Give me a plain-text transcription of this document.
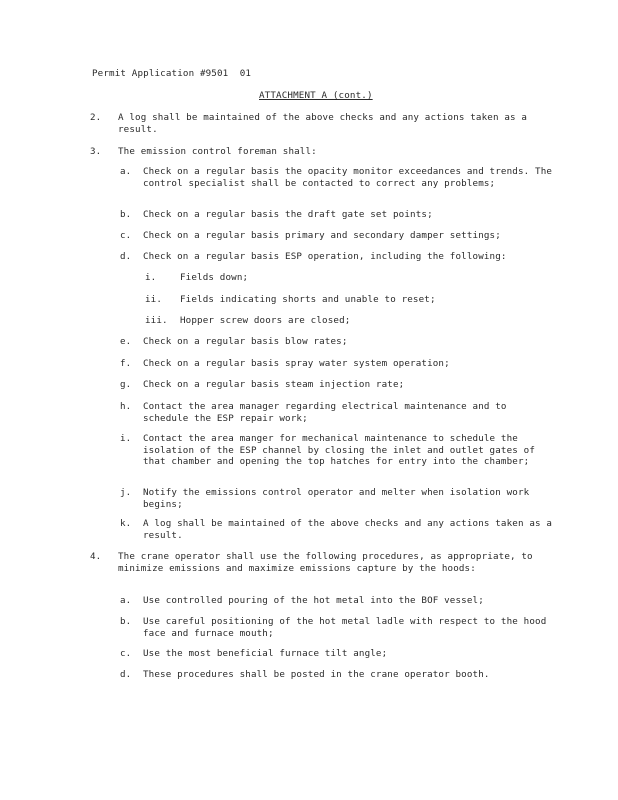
Permit Application #9501  01
ATTACHMENT A (cont.)
2. A log shall be maintained of the above checks and any actions taken as a result.
3. The emission control foreman shall:
a. Check on a regular basis the opacity monitor exceedances and trends. The control specialist shall be contacted to correct any problems;
b. Check on a regular basis the draft gate set points;
c. Check on a regular basis primary and secondary damper settings;
d. Check on a regular basis ESP operation, including the following:
i.	Fields down;
ii. Fields indicating shorts and unable to reset;
iii. Hopper screw doors are closed;
e. Check on a regular basis blow rates;
f. Check on a regular basis spray water system operation;
g. Check on a regular basis steam injection rate;
h. Contact the area manager regarding electrical maintenance and to schedule the ESP repair work;
i. Contact the area manger for mechanical maintenance to schedule the isolation of the ESP channel by closing the inlet and outlet gates of that chamber and opening the top hatches for entry into the chamber;
j. Notify the emissions control operator and melter when isolation work begins;
k. A log shall be maintained of the above checks and any actions taken as a result.
4. The crane operator shall use the following procedures, as appropriate, to minimize emissions and maximize emissions capture by the hoods:
a. Use controlled pouring of the hot metal into the BOF vessel;
b. Use careful positioning of the hot metal ladle with respect to the hood face and furnace mouth;
c. Use the most beneficial furnace tilt angle;
d. These procedures shall be posted in the crane operator booth.
